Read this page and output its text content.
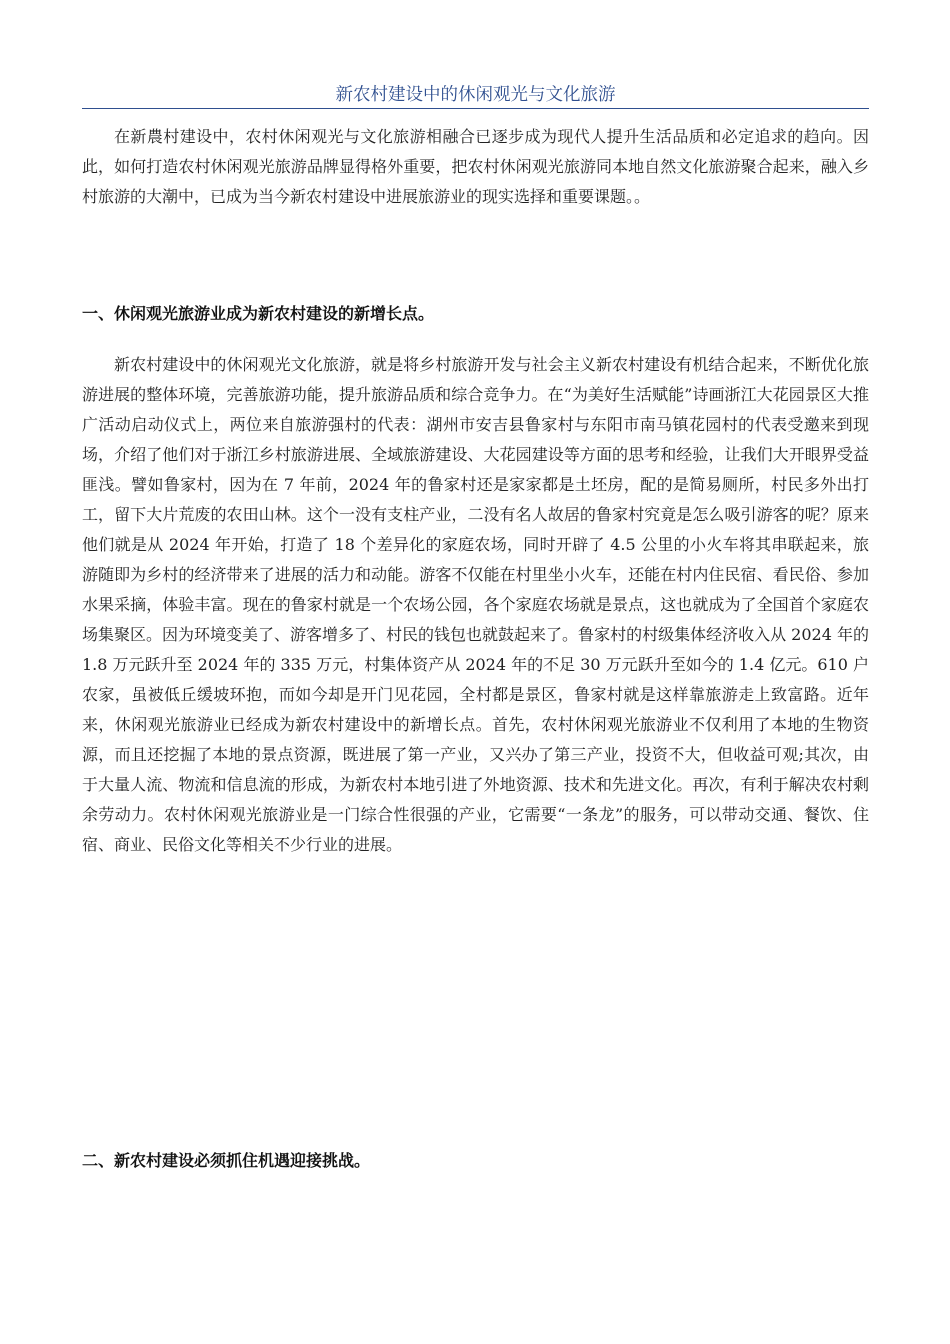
新农村建设中的休闲观光与文化旅游

在新農村建设中，农村休闲观光与文化旅游相融合已逐步成为现代人提升生活品质和必定追求的趋向。因此，如何打造农村休闲观光旅游品牌显得格外重要，把农村休闲观光旅游同本地自然文化旅游聚合起来，融入乡村旅游的大潮中，已成为当今新农村建设中进展旅游业的现实选择和重要课题。。

一、休闲观光旅游业成为新农村建设的新增长点。

新农村建设中的休闲观光文化旅游，就是将乡村旅游开发与社会主义新农村建设有机结合起来，不断优化旅游进展的整体环境，完善旅游功能，提升旅游品质和综合竞争力。在“为美好生活赋能”诗画浙江大花园景区大推广活动启动仪式上，两位来自旅游强村的代表：湖州市安吉县鲁家村与东阳市南马镇花园村的代表受邀来到现场，介绍了他们对于浙江乡村旅游进展、全域旅游建设、大花园建设等方面的思考和经验，让我们大开眼界受益匪浅。譬如鲁家村，因为在 7 年前，2024 年的鲁家村还是家家都是土坯房，配的是简易厕所，村民多外出打工，留下大片荒废的农田山林。这个一没有支柱产业，二没有名人故居的鲁家村究竟是怎么吸引游客的呢？原来他们就是从 2024 年开始，打造了 18 个差异化的家庭农场，同时开辟了 4.5 公里的小火车将其串联起来，旅游随即为乡村的经济带来了进展的活力和动能。游客不仅能在村里坐小火车，还能在村内住民宿、看民俗、参加水果采摘，体验丰富。现在的鲁家村就是一个农场公园，各个家庭农场就是景点，这也就成为了全国首个家庭农场集聚区。因为环境变美了、游客增多了、村民的钱包也就鼓起来了。鲁家村的村级集体经济收入从 2024 年的 1.8 万元跃升至 2024 年的 335 万元，村集体资产从 2024 年的不足 30 万元跃升至如今的 1.4 亿元。610 户农家，虽被低丘缓坡环抱，而如今却是开门见花园，全村都是景区，鲁家村就是这样靠旅游走上致富路。近年来，休闲观光旅游业已经成为新农村建设中的新增长点。首先，农村休闲观光旅游业不仅利用了本地的生物资源，而且还挖掘了本地的景点资源，既进展了第一产业，又兴办了第三产业，投资不大，但收益可观;其次，由于大量人流、物流和信息流的形成，为新农村本地引进了外地资源、技术和先进文化。再次，有利于解决农村剩余劳动力。农村休闲观光旅游业是一门综合性很强的产业，它需要“一条龙”的服务，可以带动交通、餐饮、住宿、商业、民俗文化等相关不少行业的进展。

二、新农村建设必须抓住机遇迎接挑战。
